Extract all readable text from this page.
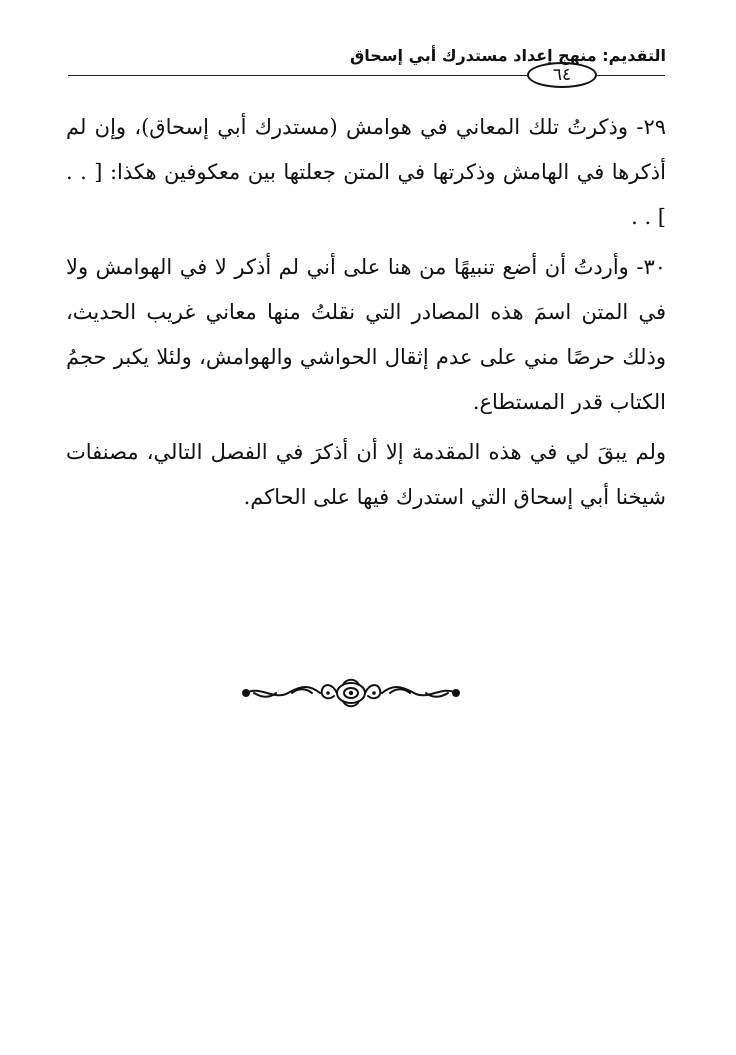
التقديم: منهج إعداد مستدرك أبي إسحاق
٦٤

٢٩- وذكرتُ تلك المعاني في هوامش (مستدرك أبي إسحاق)، وإن لم أذكرها في الهامش وذكرتها في المتن جعلتها بين معكوفين هكذا: [ . . ] . .

٣٠- وأردتُ أن أضع تنبيهًا من هنا على أني لم أذكر لا في الهوامش ولا في المتن اسمَ هذه المصادر التي نقلتُ منها معاني غريب الحديث، وذلك حرصًا مني على عدم إثقال الحواشي والهوامش، ولئلا يكبر حجمُ الكتاب قدر المستطاع.

ولم يبقَ لي في هذه المقدمة إلا أن أذكرَ في الفصل التالي، مصنفات شيخنا أبي إسحاق التي استدرك فيها على الحاكم.
